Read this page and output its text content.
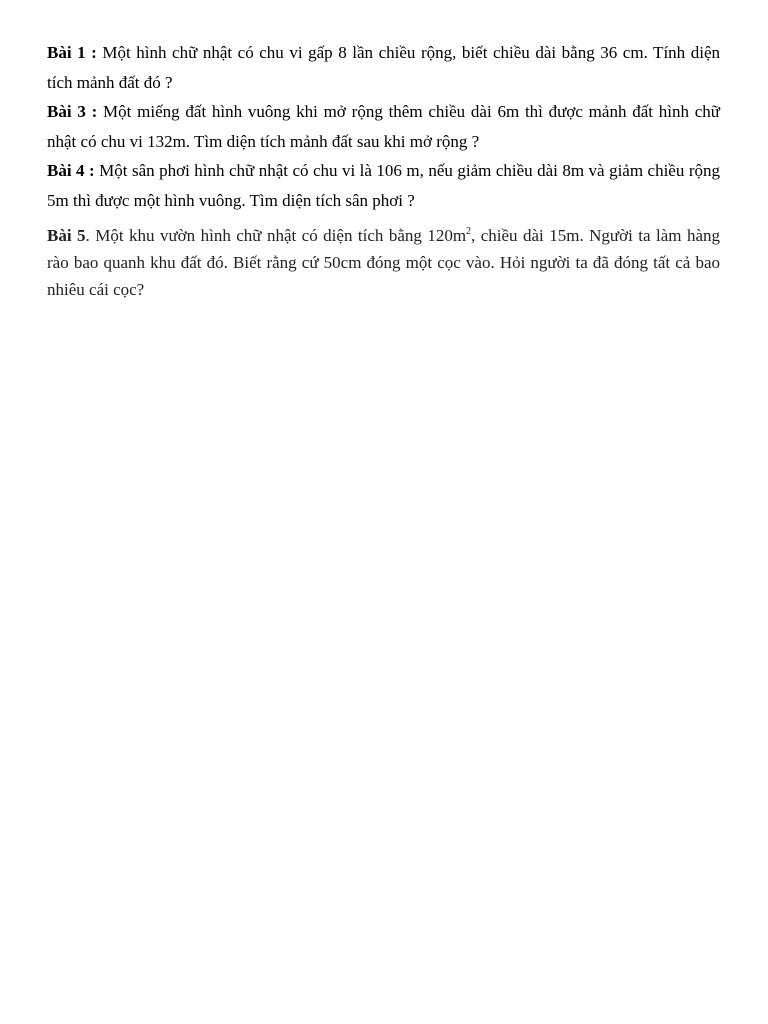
Bài 1 : Một hình chữ nhật có chu vi gấp 8 lần chiều rộng, biết chiều dài bằng 36 cm. Tính diện tích mảnh đất đó ?

Bài 3 : Một miếng đất hình vuông khi mở rộng thêm chiều dài 6m thì được mảnh đất hình chữ nhật có chu vi 132m. Tìm diện tích mảnh đất sau khi mở rộng ?

Bài 4 : Một sân phơi hình chữ nhật có chu vi là 106 m, nếu giảm chiều dài 8m và giảm chiều rộng 5m thì được một hình vuông. Tìm diện tích sân phơi ?

Bài 5. Một khu vườn hình chữ nhật có diện tích bằng $120m^2$, chiều dài 15m. Người ta làm hàng rào bao quanh khu đất đó. Biết rằng cứ 50cm đóng một cọc vào. Hỏi người ta đã đóng tất cả bao nhiêu cái cọc?
